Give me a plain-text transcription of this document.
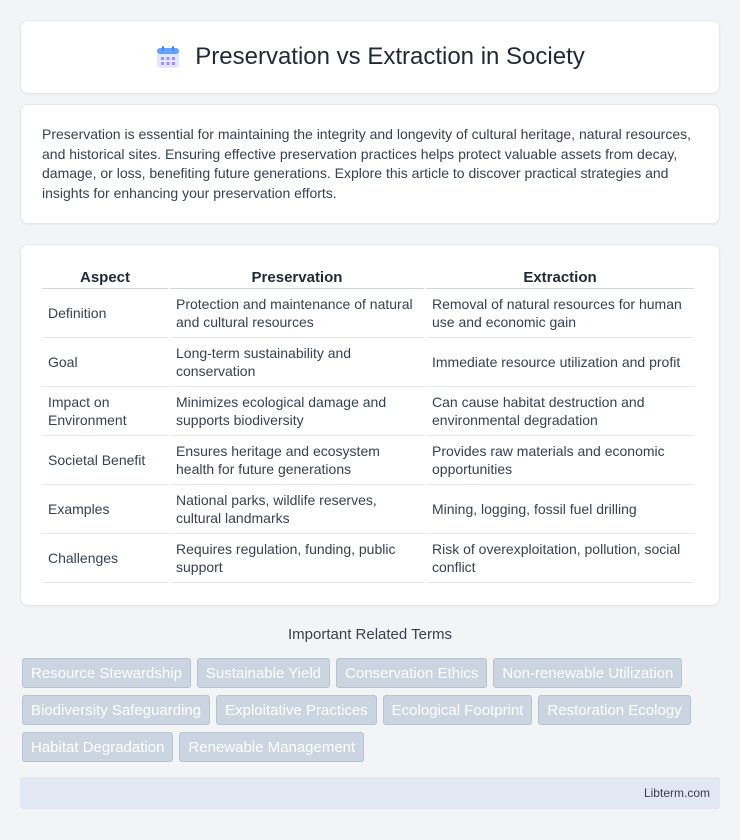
Preservation vs Extraction in Society

Preservation is essential for maintaining the integrity and longevity of cultural heritage, natural resources, and historical sites. Ensuring effective preservation practices helps protect valuable assets from decay, damage, or loss, benefiting future generations. Explore this article to discover practical strategies and insights for enhancing your preservation efforts.

Aspect	Preservation	Extraction
Definition	Protection and maintenance of natural and cultural resources	Removal of natural resources for human use and economic gain
Goal	Long-term sustainability and conservation	Immediate resource utilization and profit
Impact on Environment	Minimizes ecological damage and supports biodiversity	Can cause habitat destruction and environmental degradation
Societal Benefit	Ensures heritage and ecosystem health for future generations	Provides raw materials and economic opportunities
Examples	National parks, wildlife reserves, cultural landmarks	Mining, logging, fossil fuel drilling
Challenges	Requires regulation, funding, public support	Risk of overexploitation, pollution, social conflict
Important Related Terms
Resource Stewardship	Sustainable Yield	Conservation Ethics	Non-renewable Utilization
Biodiversity Safeguarding	Exploitative Practices	Ecological Footprint	Restoration Ecology
Habitat Degradation	Renewable Management
Libterm.com
